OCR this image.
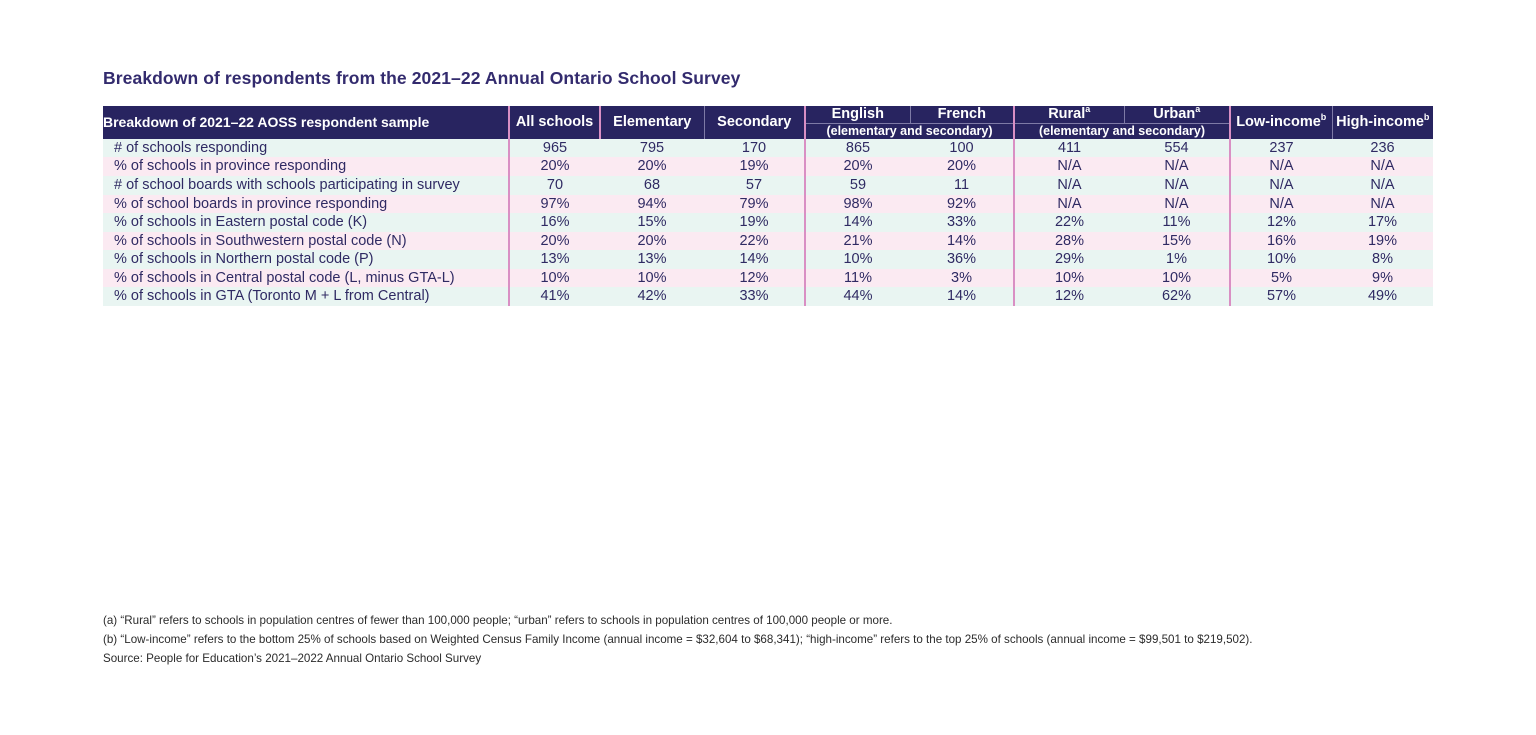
Breakdown of respondents from the 2021–22 Annual Ontario School Survey
Breakdown of 2021–22 AOSS respondent sample	All schools	Elementary	Secondary	English	French	Rural$^a$	Urban$^a$	Low-income$^b$	High-income$^b$
				(elementary and secondary)		(elementary and secondary)			
# of schools responding	965	795	170	865	100	411	554	237	236
% of schools in province responding	20%	20%	19%	20%	20%	N/A	N/A	N/A	N/A
# of school boards with schools participating in survey	70	68	57	59	11	N/A	N/A	N/A	N/A
% of school boards in province responding	97%	94%	79%	98%	92%	N/A	N/A	N/A	N/A
% of schools in Eastern postal code (K)	16%	15%	19%	14%	33%	22%	11%	12%	17%
% of schools in Southwestern postal code (N)	20%	20%	22%	21%	14%	28%	15%	16%	19%
% of schools in Northern postal code (P)	13%	13%	14%	10%	36%	29%	1%	10%	8%
% of schools in Central postal code (L, minus GTA-L)	10%	10%	12%	11%	3%	10%	10%	5%	9%
% of schools in GTA (Toronto M + L from Central)	41%	42%	33%	44%	14%	12%	62%	57%	49%
(a) “Rural” refers to schools in population centres of fewer than 100,000 people; “urban” refers to schools in population centres of 100,000 people or more.
(b) “Low-income” refers to the bottom 25% of schools based on Weighted Census Family Income (annual income = $32,604 to $68,341); “high-income” refers to the top 25% of schools (annual income = $99,501 to $219,502).
Source: People for Education’s 2021–2022 Annual Ontario School Survey
